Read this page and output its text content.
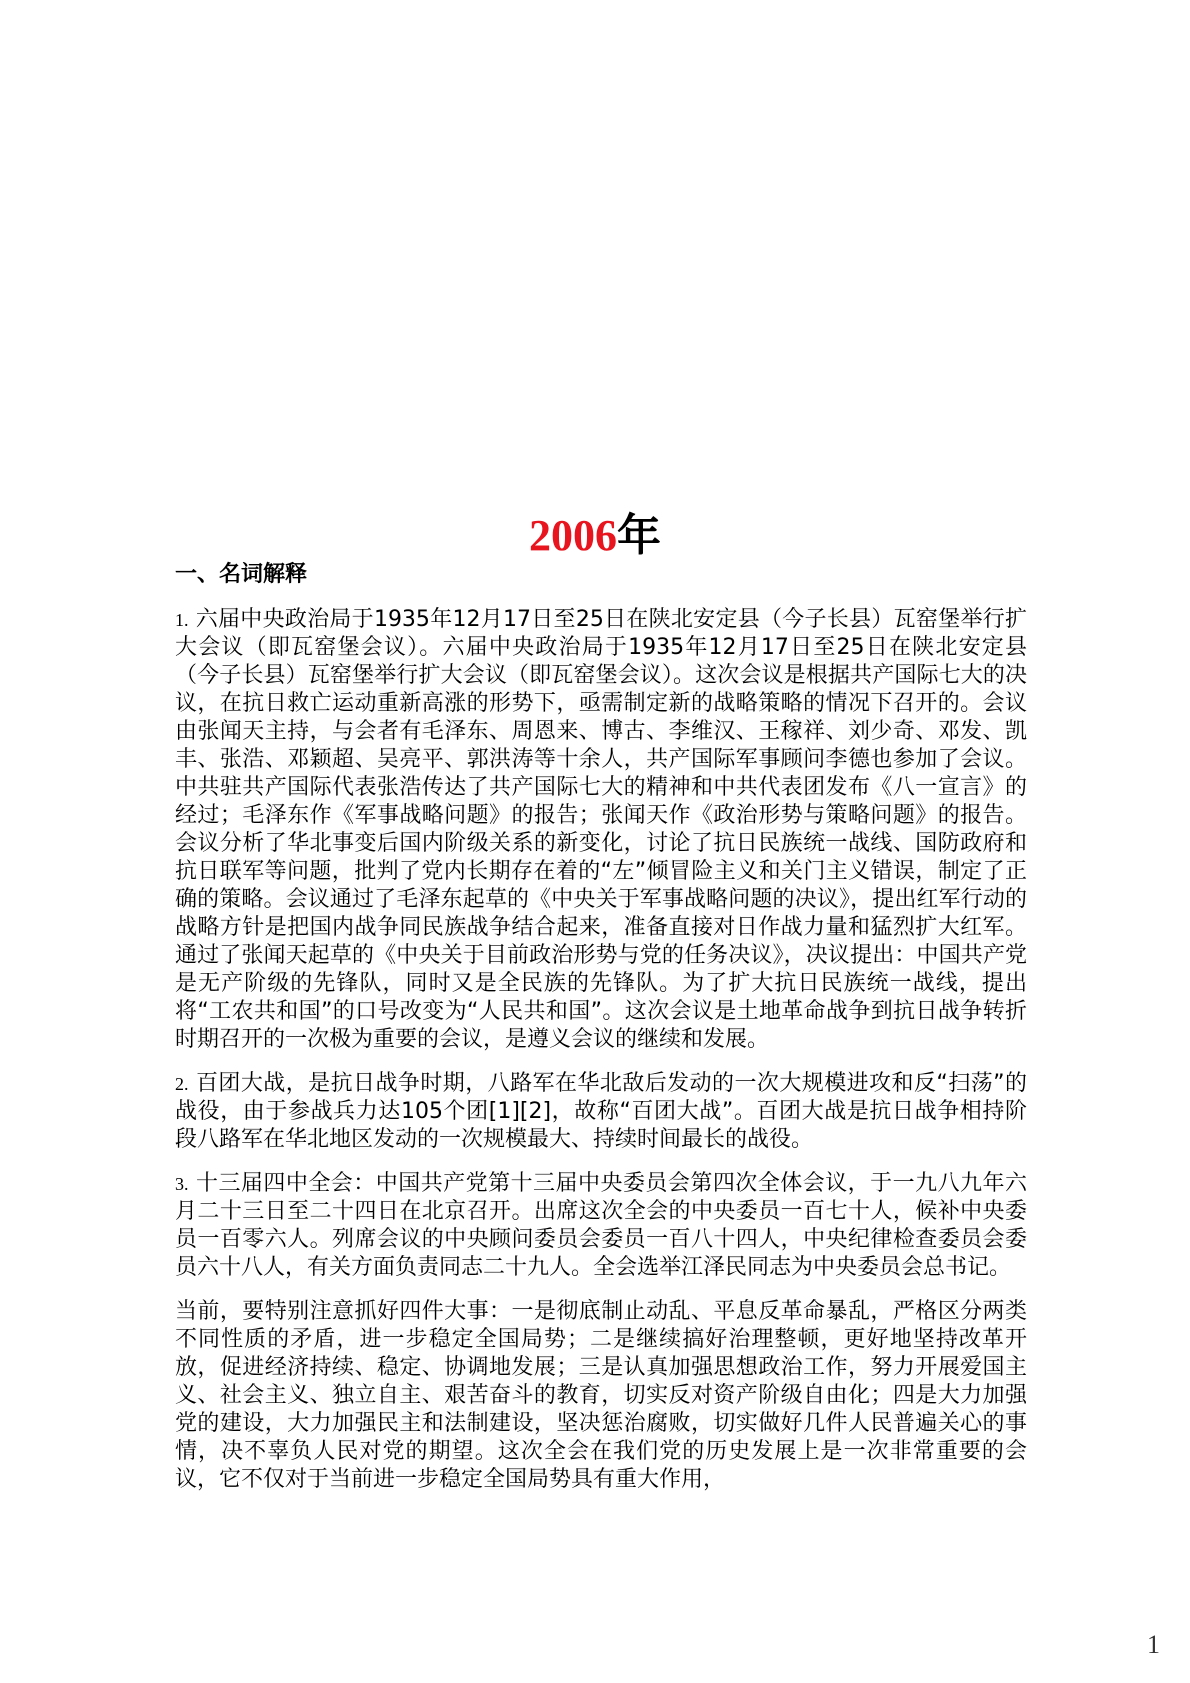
2006年
一、名词解释

1. 六届中央政治局于1935年12月17日至25日在陕北安定县（今子长县）瓦窑堡举行扩大会议（即瓦窑堡会议）。六届中央政治局于1935年12月17日至25日在陕北安定县（今子长县）瓦窑堡举行扩大会议（即瓦窑堡会议）。这次会议是根据共产国际七大的决议，在抗日救亡运动重新高涨的形势下，亟需制定新的战略策略的情况下召开的。会议由张闻天主持，与会者有毛泽东、周恩来、博古、李维汉、王稼祥、刘少奇、邓发、凯丰、张浩、邓颖超、吴亮平、郭洪涛等十余人，共产国际军事顾问李德也参加了会议。中共驻共产国际代表张浩传达了共产国际七大的精神和中共代表团发布《八一宣言》的经过；毛泽东作《军事战略问题》的报告；张闻天作《政治形势与策略问题》的报告。会议分析了华北事变后国内阶级关系的新变化，讨论了抗日民族统一战线、国防政府和抗日联军等问题，批判了党内长期存在着的“左”倾冒险主义和关门主义错误，制定了正确的策略。会议通过了毛泽东起草的《中央关于军事战略问题的决议》，提出红军行动的战略方针是把国内战争同民族战争结合起来，准备直接对日作战力量和猛烈扩大红军。通过了张闻天起草的《中央关于目前政治形势与党的任务决议》，决议提出：中国共产党是无产阶级的先锋队，同时又是全民族的先锋队。为了扩大抗日民族统一战线，提出将“工农共和国”的口号改变为“人民共和国”。这次会议是土地革命战争到抗日战争转折时期召开的一次极为重要的会议，是遵义会议的继续和发展。

2. 百团大战，是抗日战争时期，八路军在华北敌后发动的一次大规模进攻和反“扫荡”的战役，由于参战兵力达105个团[1][2]，故称“百团大战”。百团大战是抗日战争相持阶段八路军在华北地区发动的一次规模最大、持续时间最长的战役。

3. 十三届四中全会：中国共产党第十三届中央委员会第四次全体会议，于一九八九年六月二十三日至二十四日在北京召开。出席这次全会的中央委员一百七十人，候补中央委员一百零六人。列席会议的中央顾问委员会委员一百八十四人，中央纪律检查委员会委员六十八人，有关方面负责同志二十九人。全会选举江泽民同志为中央委员会总书记。

当前，要特别注意抓好四件大事：一是彻底制止动乱、平息反革命暴乱，严格区分两类不同性质的矛盾，进一步稳定全国局势；二是继续搞好治理整顿，更好地坚持改革开放，促进经济持续、稳定、协调地发展；三是认真加强思想政治工作，努力开展爱国主义、社会主义、独立自主、艰苦奋斗的教育，切实反对资产阶级自由化；四是大力加强党的建设，大力加强民主和法制建设，坚决惩治腐败，切实做好几件人民普遍关心的事情，决不辜负人民对党的期望。这次全会在我们党的历史发展上是一次非常重要的会议，它不仅对于当前进一步稳定全国局势具有重大作用，

1
